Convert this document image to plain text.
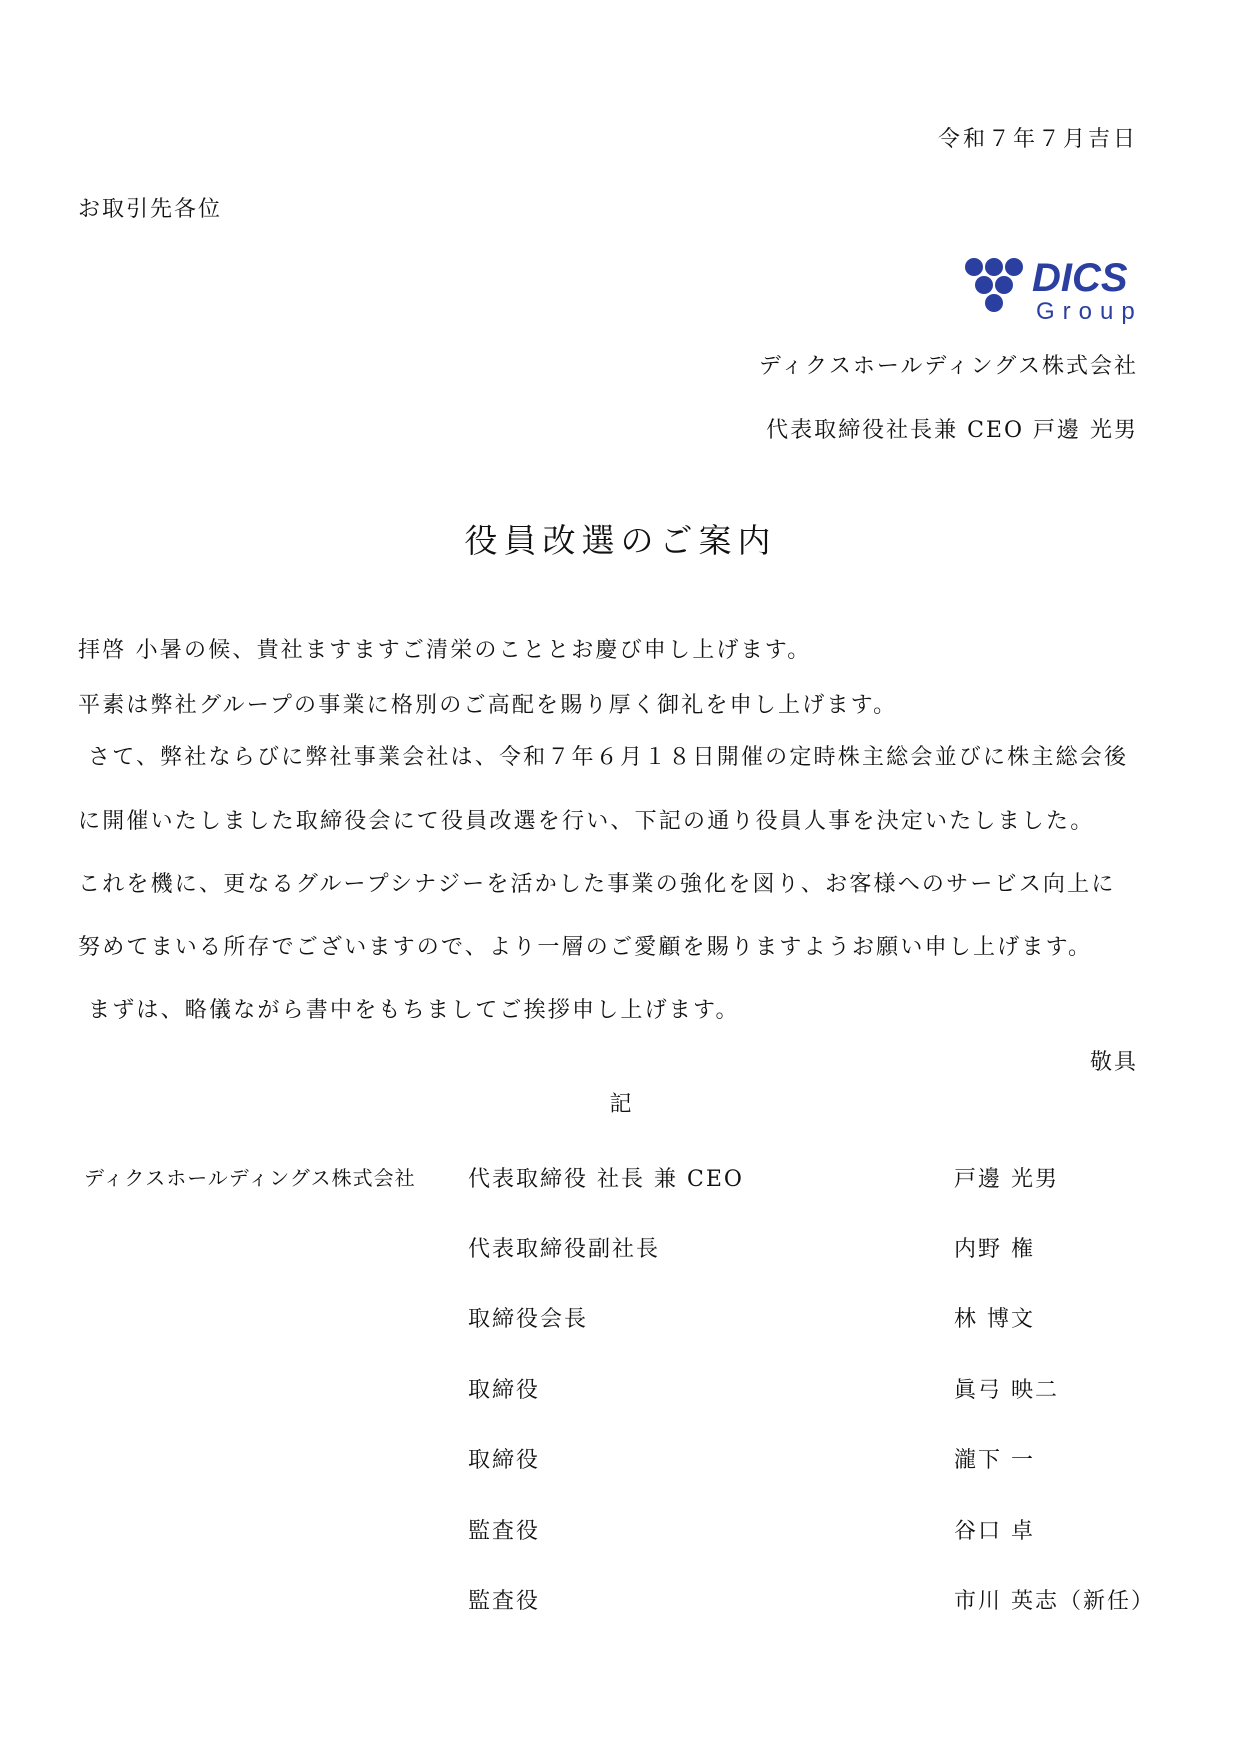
令和７年７月吉日
お取引先各位
DICS
Group
ディクスホールディングス株式会社
代表取締役社長兼 CEO 戸邊 光男
役員改選のご案内
拝啓 小暑の候、貴社ますますご清栄のこととお慶び申し上げます。
平素は弊社グループの事業に格別のご高配を賜り厚く御礼を申し上げます。
さて、弊社ならびに弊社事業会社は、令和７年６月１８日開催の定時株主総会並びに株主総会後
に開催いたしました取締役会にて役員改選を行い、下記の通り役員人事を決定いたしました。
これを機に、更なるグループシナジーを活かした事業の強化を図り、お客様へのサービス向上に
努めてまいる所存でございますので、より一層のご愛顧を賜りますようお願い申し上げます。
まずは、略儀ながら書中をもちましてご挨拶申し上げます。
敬具
記
ディクスホールディングス株式会社 代表取締役 社長 兼 CEO	戸邊 光男
代表取締役副社長	内野 権
取締役会長	林 博文
取締役	眞弓 映二
取締役	瀧下 一
監査役	谷口 卓
監査役	市川 英志（新任）
